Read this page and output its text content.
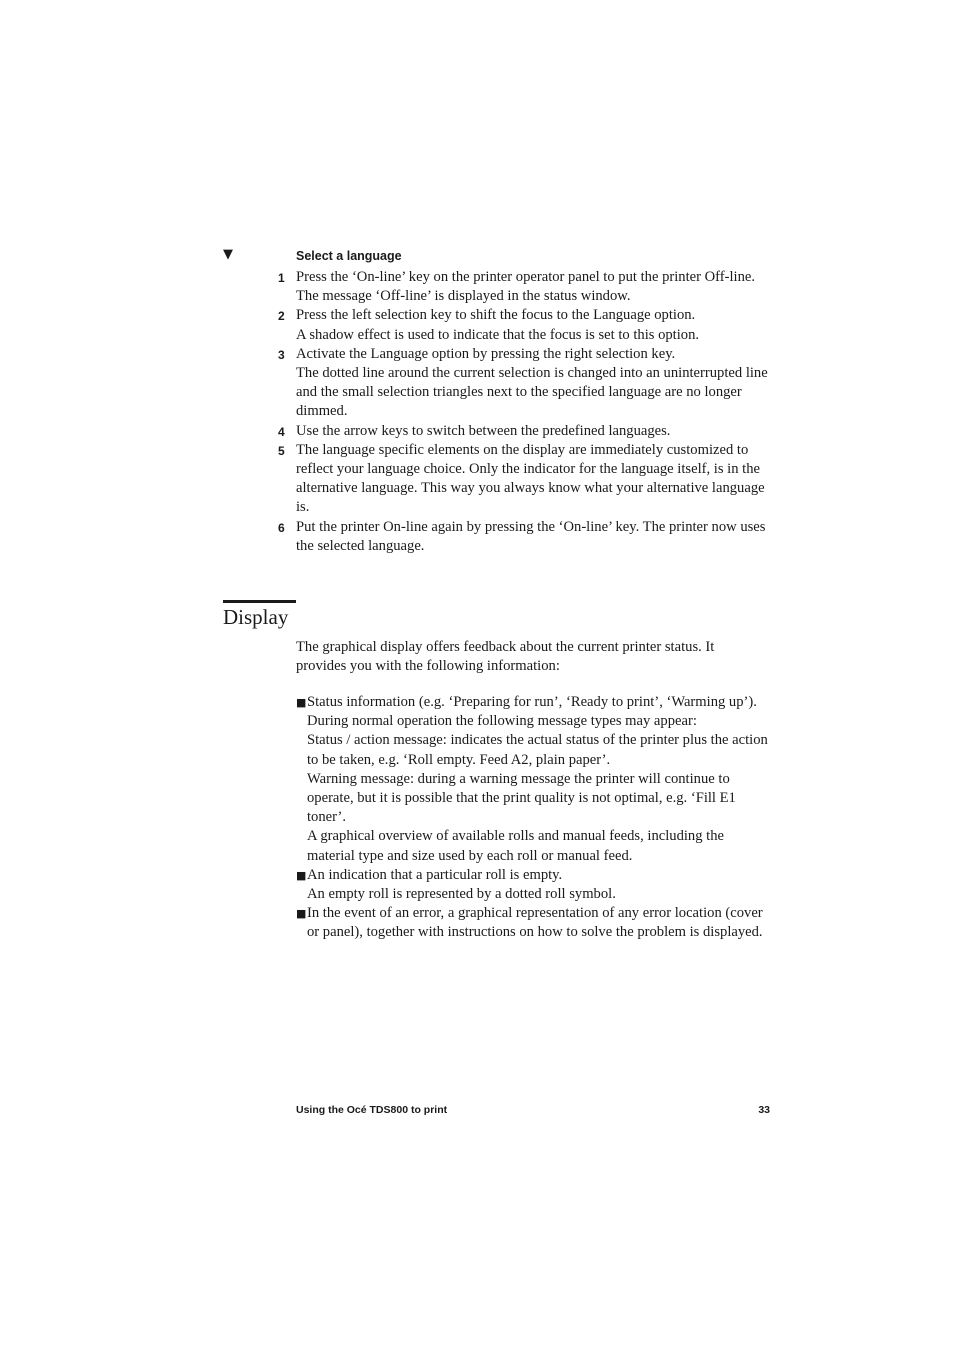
▼	Select a language
1 Press the ‘On-line’ key on the printer operator panel to put the printer Off-line.

The message ‘Off-line’ is displayed in the status window.

2 Press the left selection key to shift the focus to the Language option.

A shadow effect is used to indicate that the focus is set to this option.

3 Activate the Language option by pressing the right selection key.

The dotted line around the current selection is changed into an uninterrupted line and the small selection triangles next to the specified language are no longer dimmed.

4 Use the arrow keys to switch between the predefined languages.

5 The language specific elements on the display are immediately customized to reflect your language choice. Only the indicator for the language itself, is in the alternative language. This way you always know what your alternative language is.

6 Put the printer On-line again by pressing the ‘On-line’ key. The printer now uses the selected language.

Display

The graphical display offers feedback about the current printer status. It provides you with the following information:

■ Status information (e.g. ‘Preparing for run’, ‘Ready to print’, ‘Warming up’).

During normal operation the following message types may appear:

Status / action message: indicates the actual status of the printer plus the action to be taken, e.g. ‘Roll empty. Feed A2, plain paper’.

Warning message: during a warning message the printer will continue to operate, but it is possible that the print quality is not optimal, e.g. ‘Fill E1 toner’.

A graphical overview of available rolls and manual feeds, including the material type and size used by each roll or manual feed.

■ An indication that a particular roll is empty.

An empty roll is represented by a dotted roll symbol.

■ In the event of an error, a graphical representation of any error location (cover or panel), together with instructions on how to solve the problem is displayed.

Using the Océ TDS800 to print	33
